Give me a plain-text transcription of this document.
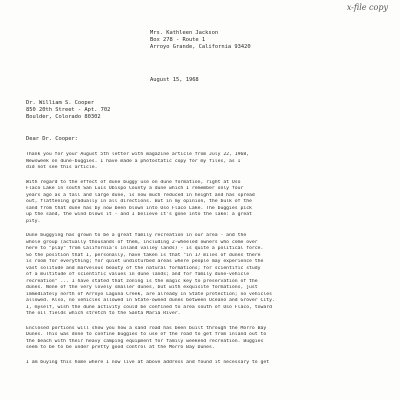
x-file copy
Mrs. Kathleen Jackson
Box 278 - Route 1
Arroyo Grande, California 93420
August 15, 1968
Dr. William S. Cooper
850 20th Street - Apt. 702
Boulder, Colorado 80302
Dear Dr. Cooper:
Thank you for your August 5th letter with magazine article from July 22, 1968,
Newsweek on dune-buggies. I have made a photostatic copy for my files, as I
did not see this article.
With regard to the effect of dune buggy use on dune formation, right at Oso
Flaco Lake in south San Luis Obispo County a dune which I remember only four
years ago as a tall and large dune, is now much reduced in height and has spread
out, flattening gradually in all directions. But in my opinion, the bulk of the
sand from that dune has by now been blown into Oso Flaco Lake. The buggies pick
up the sand, the wind blows it - and I believe it's gone into the lake: a great
pity.
Dune buggying has grown to be a great family recreation in our area - and the
whole group (actually thousands of them, including 2-wheeled owners who come over
here to "play" from California's inland valley lands) - is quite a political force.
So the position that I, personally, have taken is that "in 17 miles of dunes there
is room for everything; for quiet undisturbed areas where people may experience the
vast solitude and marvelous beauty of the natural formations; for scientific study
of a multitude of scientific values in dune lands; and for family dune-vehicle
recreation" ... I have stated that zoning is the magic key to preservation of the
dunes. None of the very lovely smaller dunes, but with exquisite formations, just
immediately north of Arroyo Laguna Creek, are already in State protection; no vehicles
allowed. Also, no vehicles allowed in State-owned dunes between Oceano and Grover City.
I, myself, wish the dune activity could be confined to area south of Oso Flaco, toward
the oil fields which stretch to the Santa Maria River.
Enclosed portions will show you how a sand road has been built through the Morro Bay
Dunes. This was done to confine buggies to use of the road to get from inland out to
the beach with their heavy camping equipment for family weekend recreation. Buggies
seem to be to be under pretty good control at the Morro Bay Dunes.
I am buying this home where I now live at above address and found it necessary to get
